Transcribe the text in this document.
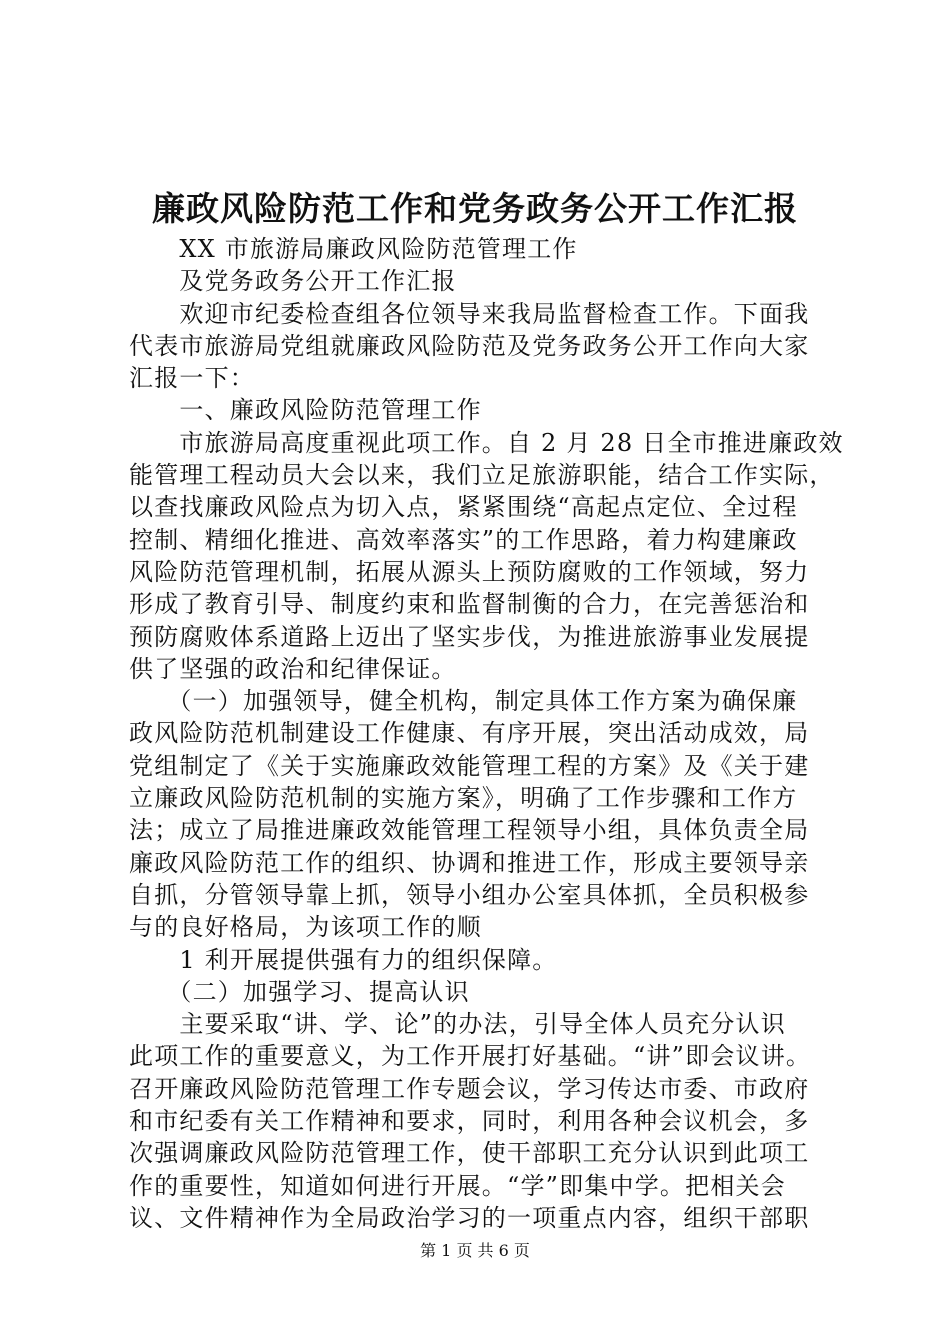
廉政风险防范工作和党务政务公开工作汇报
　　XX 市旅游局廉政风险防范管理工作
　　及党务政务公开工作汇报
　　欢迎市纪委检查组各位领导来我局监督检查工作。下面我
代表市旅游局党组就廉政风险防范及党务政务公开工作向大家
汇报一下：
　　一、廉政风险防范管理工作
　　市旅游局高度重视此项工作。自 2 月 28 日全市推进廉政效
能管理工程动员大会以来，我们立足旅游职能，结合工作实际，
以查找廉政风险点为切入点，紧紧围绕“高起点定位、全过程
控制、精细化推进、高效率落实”的工作思路，着力构建廉政
风险防范管理机制，拓展从源头上预防腐败的工作领域，努力
形成了教育引导、制度约束和监督制衡的合力，在完善惩治和
预防腐败体系道路上迈出了坚实步伐，为推进旅游事业发展提
供了坚强的政治和纪律保证。
　　（一）加强领导，健全机构，制定具体工作方案为确保廉
政风险防范机制建设工作健康、有序开展，突出活动成效，局
党组制定了《关于实施廉政效能管理工程的方案》及《关于建
立廉政风险防范机制的实施方案》，明确了工作步骤和工作方
法；成立了局推进廉政效能管理工程领导小组，具体负责全局
廉政风险防范工作的组织、协调和推进工作，形成主要领导亲
自抓，分管领导靠上抓，领导小组办公室具体抓，全员积极参
与的良好格局，为该项工作的顺
　　1 利开展提供强有力的组织保障。
　　（二）加强学习、提高认识
　　主要采取“讲、学、论”的办法，引导全体人员充分认识
此项工作的重要意义，为工作开展打好基础。“讲”即会议讲。
召开廉政风险防范管理工作专题会议，学习传达市委、市政府
和市纪委有关工作精神和要求，同时，利用各种会议机会，多
次强调廉政风险防范管理工作，使干部职工充分认识到此项工
作的重要性，知道如何进行开展。“学”即集中学。把相关会
议、文件精神作为全局政治学习的一项重点内容，组织干部职
第 1 页 共 6 页
